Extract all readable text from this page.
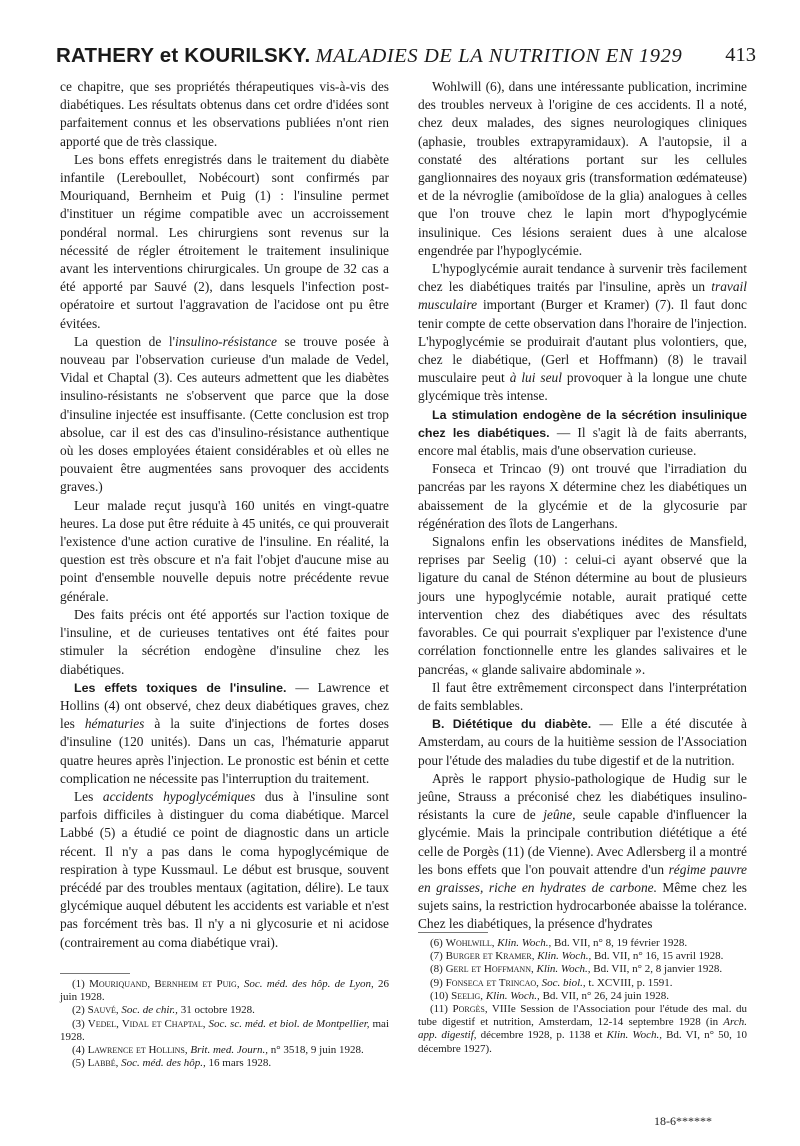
RATHERY et KOURILSKY. MALADIES DE LA NUTRITION EN 1929 413

ce chapitre, que ses propriétés thérapeutiques vis-à-vis des diabétiques. Les résultats obtenus dans cet ordre d'idées sont parfaitement connus et les observations publiées n'ont rien apporté que de très classique.

Les bons effets enregistrés dans le traitement du diabète infantile (Lereboullet, Nobécourt) sont confirmés par Mouriquand, Bernheim et Puig (1) : l'insuline permet d'instituer un régime compatible avec un accroissement pondéral normal. Les chirurgiens sont revenus sur la nécessité de régler étroitement le traitement insulinique avant les interventions chirurgicales. Un groupe de 32 cas a été apporté par Sauvé (2), dans lesquels l'infection post-opératoire et surtout l'aggravation de l'acidose ont pu être évitées.

La question de l'insulino-résistance se trouve posée à nouveau par l'observation curieuse d'un malade de Vedel, Vidal et Chaptal (3). Ces auteurs admettent que les diabètes insulino-résistants ne s'observent que parce que la dose d'insuline injectée est insuffisante. (Cette conclusion est trop absolue, car il est des cas d'insulino-résistance authentique où les doses employées étaient considérables et où elles ne pouvaient être augmentées sans provoquer des accidents graves.)

Leur malade reçut jusqu'à 160 unités en vingt-quatre heures. La dose put être réduite à 45 unités, ce qui prouverait l'existence d'une action curative de l'insuline. En réalité, la question est très obscure et n'a fait l'objet d'aucune mise au point d'ensemble nouvelle depuis notre précédente revue générale.

Des faits précis ont été apportés sur l'action toxique de l'insuline, et de curieuses tentatives ont été faites pour stimuler la sécrétion endogène d'insuline chez les diabétiques.

Les effets toxiques de l'insuline. — Lawrence et Hollins (4) ont observé, chez deux diabétiques graves, chez les hématuries à la suite d'injections de fortes doses d'insuline (120 unités). Dans un cas, l'hématurie apparut quatre heures après l'injection. Le pronostic est bénin et cette complication ne nécessite pas l'interruption du traitement.

Les accidents hypoglycémiques dus à l'insuline sont parfois difficiles à distinguer du coma diabétique. Marcel Labbé (5) a étudié ce point de diagnostic dans un article récent. Il n'y a pas dans le coma hypoglycémique de respiration à type Kussmaul. Le début est brusque, souvent précédé par des troubles mentaux (agitation, délire). Le taux glycémique auquel débutent les accidents est variable et n'est pas forcément très bas. Il n'y a ni glycosurie et ni acidose (contrairement au coma diabétique vrai).

(1) Mouriquand, Bernheim et Puig, Soc. méd. des hôp. de Lyon, 26 juin 1928.

(2) Sauvé, Soc. de chir., 31 octobre 1928.

(3) Vedel, Vidal et Chaptal, Soc. sc. méd. et biol. de Montpellier, mai 1928.

(4) Lawrence et Hollins, Brit. med. Journ., n° 3518, 9 juin 1928.

(5) Labbé, Soc. méd. des hôp., 16 mars 1928.

Wohlwill (6), dans une intéressante publication, incrimine des troubles nerveux à l'origine de ces accidents. Il a noté, chez deux malades, des signes neurologiques cliniques (aphasie, troubles extrapyramidaux). A l'autopsie, il a constaté des altérations portant sur les cellules ganglionnaires des noyaux gris (transformation œdémateuse) et de la névroglie (amiboïdose de la glia) analogues à celles que l'on trouve chez le lapin mort d'hypoglycémie insulinique. Ces lésions seraient dues à une alcalose engendrée par l'hypoglycémie.

L'hypoglycémie aurait tendance à survenir très facilement chez les diabétiques traités par l'insuline, après un travail musculaire important (Burger et Kramer) (7). Il faut donc tenir compte de cette observation dans l'horaire de l'injection. L'hypoglycémie se produirait d'autant plus volontiers, que, chez le diabétique, (Gerl et Hoffmann) (8) le travail musculaire peut à lui seul provoquer à la longue une chute glycémique très intense.

La stimulation endogène de la sécrétion insulinique chez les diabétiques. — Il s'agit là de faits aberrants, encore mal établis, mais d'une observation curieuse.

Fonseca et Trincao (9) ont trouvé que l'irradiation du pancréas par les rayons X détermine chez les diabétiques un abaissement de la glycémie et de la glycosurie par régénération des îlots de Langerhans.

Signalons enfin les observations inédites de Mansfield, reprises par Seelig (10) : celui-ci ayant observé que la ligature du canal de Sténon détermine au bout de plusieurs jours une hypoglycémie notable, aurait pratiqué cette intervention chez des diabétiques avec des résultats favorables. Ce qui pourrait s'expliquer par l'existence d'une corrélation fonctionnelle entre les glandes salivaires et le pancréas, « glande salivaire abdominale ».

Il faut être extrêmement circonspect dans l'interprétation de faits semblables.

B. Diététique du diabète. — Elle a été discutée à Amsterdam, au cours de la huitième session de l'Association pour l'étude des maladies du tube digestif et de la nutrition.

Après le rapport physio-pathologique de Hudig sur le jeûne, Strauss a préconisé chez les diabétiques insulino-résistants la cure de jeûne, seule capable d'influencer la glycémie. Mais la principale contribution diététique a été celle de Porgès (11) (de Vienne). Avec Adlersberg il a montré les bons effets que l'on pouvait attendre d'un régime pauvre en graisses, riche en hydrates de carbone. Même chez les sujets sains, la restriction hydrocarbonée abaisse la tolérance. Chez les diabétiques, la présence d'hydrates

(6) Wohlwill, Klin. Woch., Bd. VII, n° 8, 19 février 1928.

(7) Burger et Kramer, Klin. Woch., Bd. VII, n° 16, 15 avril 1928.

(8) Gerl et Hoffmann, Klin. Woch., Bd. VII, n° 2, 8 janvier 1928.

(9) Fonseca et Trincao, Soc. biol., t. XCVIII, p. 1591.

(10) Seelig, Klin. Woch., Bd. VII, n° 26, 24 juin 1928.

(11) Porgès, VIIIe Session de l'Association pour l'étude des mal. du tube digestif et nutrition, Amsterdam, 12-14 septembre 1928 (in Arch. app. digestif, décembre 1928, p. 1138 et Klin. Woch., Bd. VI, n° 50, 10 décembre 1927).

18-6******
